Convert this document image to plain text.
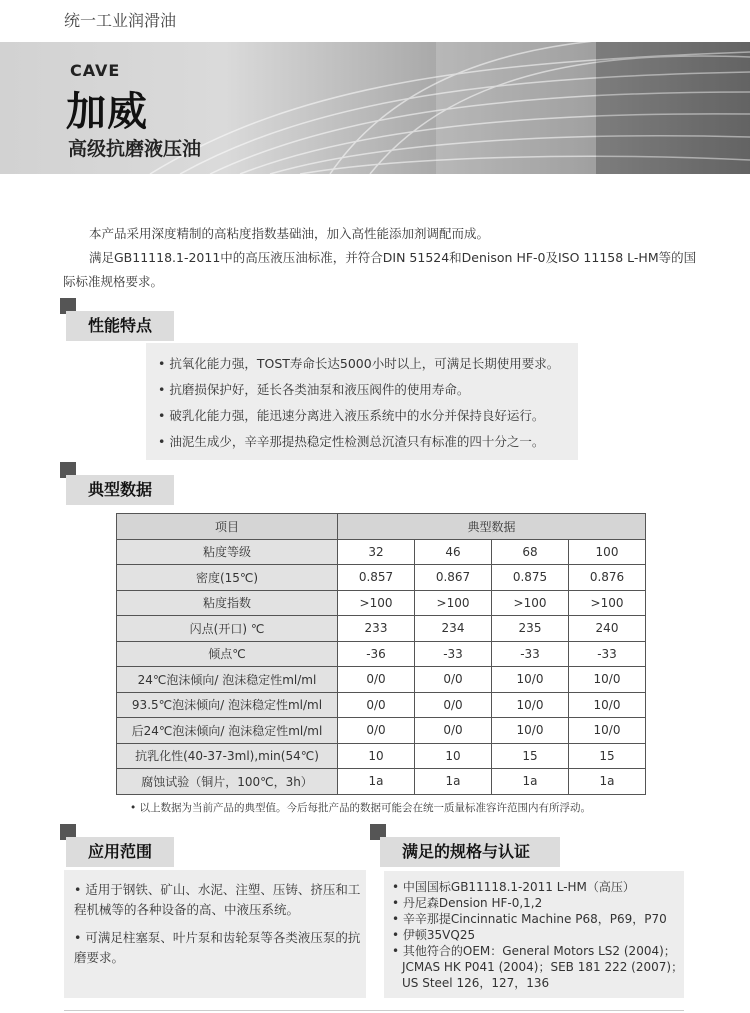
统一工业润滑油
CAVE
加威
高级抗磨液压油

本产品采用深度精制的高粘度指数基础油，加入高性能添加剂调配而成。

满足GB11118.1-2011中的高压液压油标准，并符合DIN 51524和Denison HF-0及ISO 11158 L-HM等的国际标准规格要求。

性能特点
• 抗氧化能力强，TOST寿命长达5000小时以上，可满足长期使用要求。
• 抗磨损保护好，延长各类油泵和液压阀件的使用寿命。
• 破乳化能力强，能迅速分离进入液压系统中的水分并保持良好运行。
• 油泥生成少，辛辛那提热稳定性检测总沉渣只有标准的四十分之一。
典型数据
项目	典型数据			
粘度等级	32	46	68	100
密度(15℃)	0.857	0.867	0.875	0.876
粘度指数	>100	>100	>100	>100
闪点(开口) ℃	233	234	235	240
倾点℃	-36	-33	-33	-33
24℃泡沫倾向/ 泡沫稳定性ml/ml	0/0	0/0	10/0	10/0
93.5℃泡沫倾向/ 泡沫稳定性ml/ml	0/0	0/0	10/0	10/0
后24℃泡沫倾向/ 泡沫稳定性ml/ml	0/0	0/0	10/0	10/0
抗乳化性(40-37-3ml),min(54℃)	10	10	15	15
腐蚀试验（铜片，100℃，3h）	1a	1a	1a	1a
• 以上数据为当前产品的典型值。今后每批产品的数据可能会在统一质量标准容许范围内有所浮动。
应用范围
• 适用于钢铁、矿山、水泥、注塑、压铸、挤压和工程机械等的各种设备的高、中液压系统。
• 可满足柱塞泵、叶片泵和齿轮泵等各类液压泵的抗磨要求。
满足的规格与认证
• 中国国标GB11118.1-2011 L-HM（高压）
• 丹尼森Dension HF-0,1,2
• 辛辛那提Cincinnatic Machine P68，P69，P70
• 伊顿35VQ25
• 其他符合的OEM：General Motors LS2 (2004)；
JCMAS HK P041 (2004)；SEB 181 222 (2007)；
US Steel 126，127，136
